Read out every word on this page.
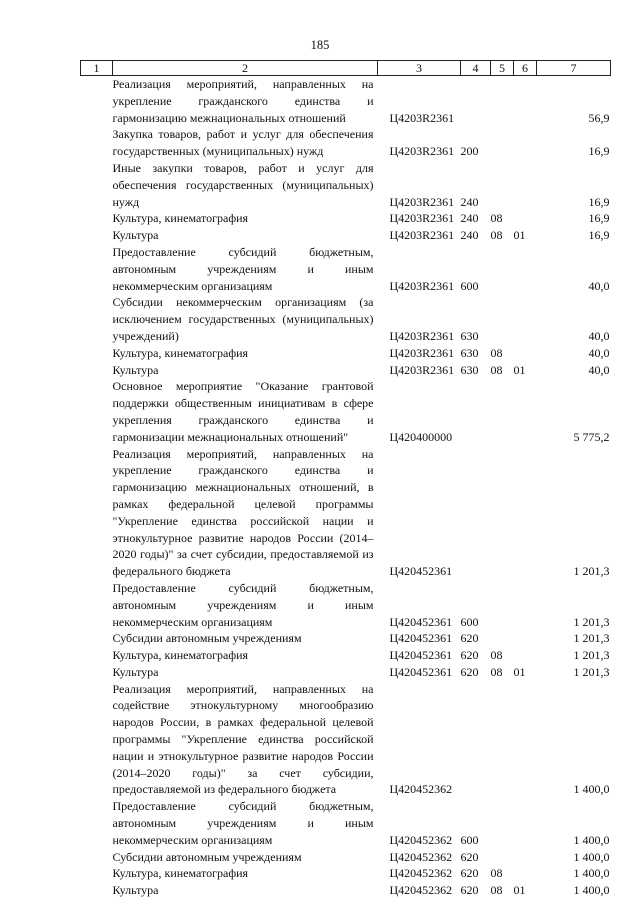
185
1	2	3	4	5	6	7
	Реализация мероприятий, направленных на укрепление гражданского единства и гармонизацию межнациональных отношений	Ц4203R2361				56,9
	Закупка товаров, работ и услуг для обеспечения государственных (муниципальных) нужд	Ц4203R2361	200			16,9
	Иные закупки товаров, работ и услуг для обеспечения государственных (муниципальных) нужд	Ц4203R2361	240			16,9
	Культура, кинематография	Ц4203R2361	240	08		16,9
	Культура	Ц4203R2361	240	08	01	16,9
	Предоставление субсидий бюджетным, автономным учреждениям и иным некоммерческим организациям	Ц4203R2361	600			40,0
	Субсидии некоммерческим организациям (за исключением государственных (муниципальных) учреждений)	Ц4203R2361	630			40,0
	Культура, кинематография	Ц4203R2361	630	08		40,0
	Культура	Ц4203R2361	630	08	01	40,0
	Основное мероприятие "Оказание грантовой поддержки общественным инициативам в сфере укрепления гражданского единства и гармонизации межнациональных отношений"	Ц420400000				5 775,2
	Реализация мероприятий, направленных на укрепление гражданского единства и гармонизацию межнациональных отношений, в рамках федеральной целевой программы "Укрепление единства российской нации и этнокультурное развитие народов России (2014–2020 годы)" за счет субсидии, предоставляемой из федерального бюджета	Ц420452361				1 201,3
	Предоставление субсидий бюджетным, автономным учреждениям и иным некоммерческим организациям	Ц420452361	600			1 201,3
	Субсидии автономным учреждениям	Ц420452361	620			1 201,3
	Культура, кинематография	Ц420452361	620	08		1 201,3
	Культура	Ц420452361	620	08	01	1 201,3
	Реализация мероприятий, направленных на содействие этнокультурному многообразию народов России, в рамках федеральной целевой программы "Укрепление единства российской нации и этнокультурное развитие народов России (2014–2020 годы)" за счет субсидии, предоставляемой из федерального бюджета	Ц420452362				1 400,0
	Предоставление субсидий бюджетным, автономным учреждениям и иным некоммерческим организациям	Ц420452362	600			1 400,0
	Субсидии автономным учреждениям	Ц420452362	620			1 400,0
	Культура, кинематография	Ц420452362	620	08		1 400,0
	Культура	Ц420452362	620	08	01	1 400,0
